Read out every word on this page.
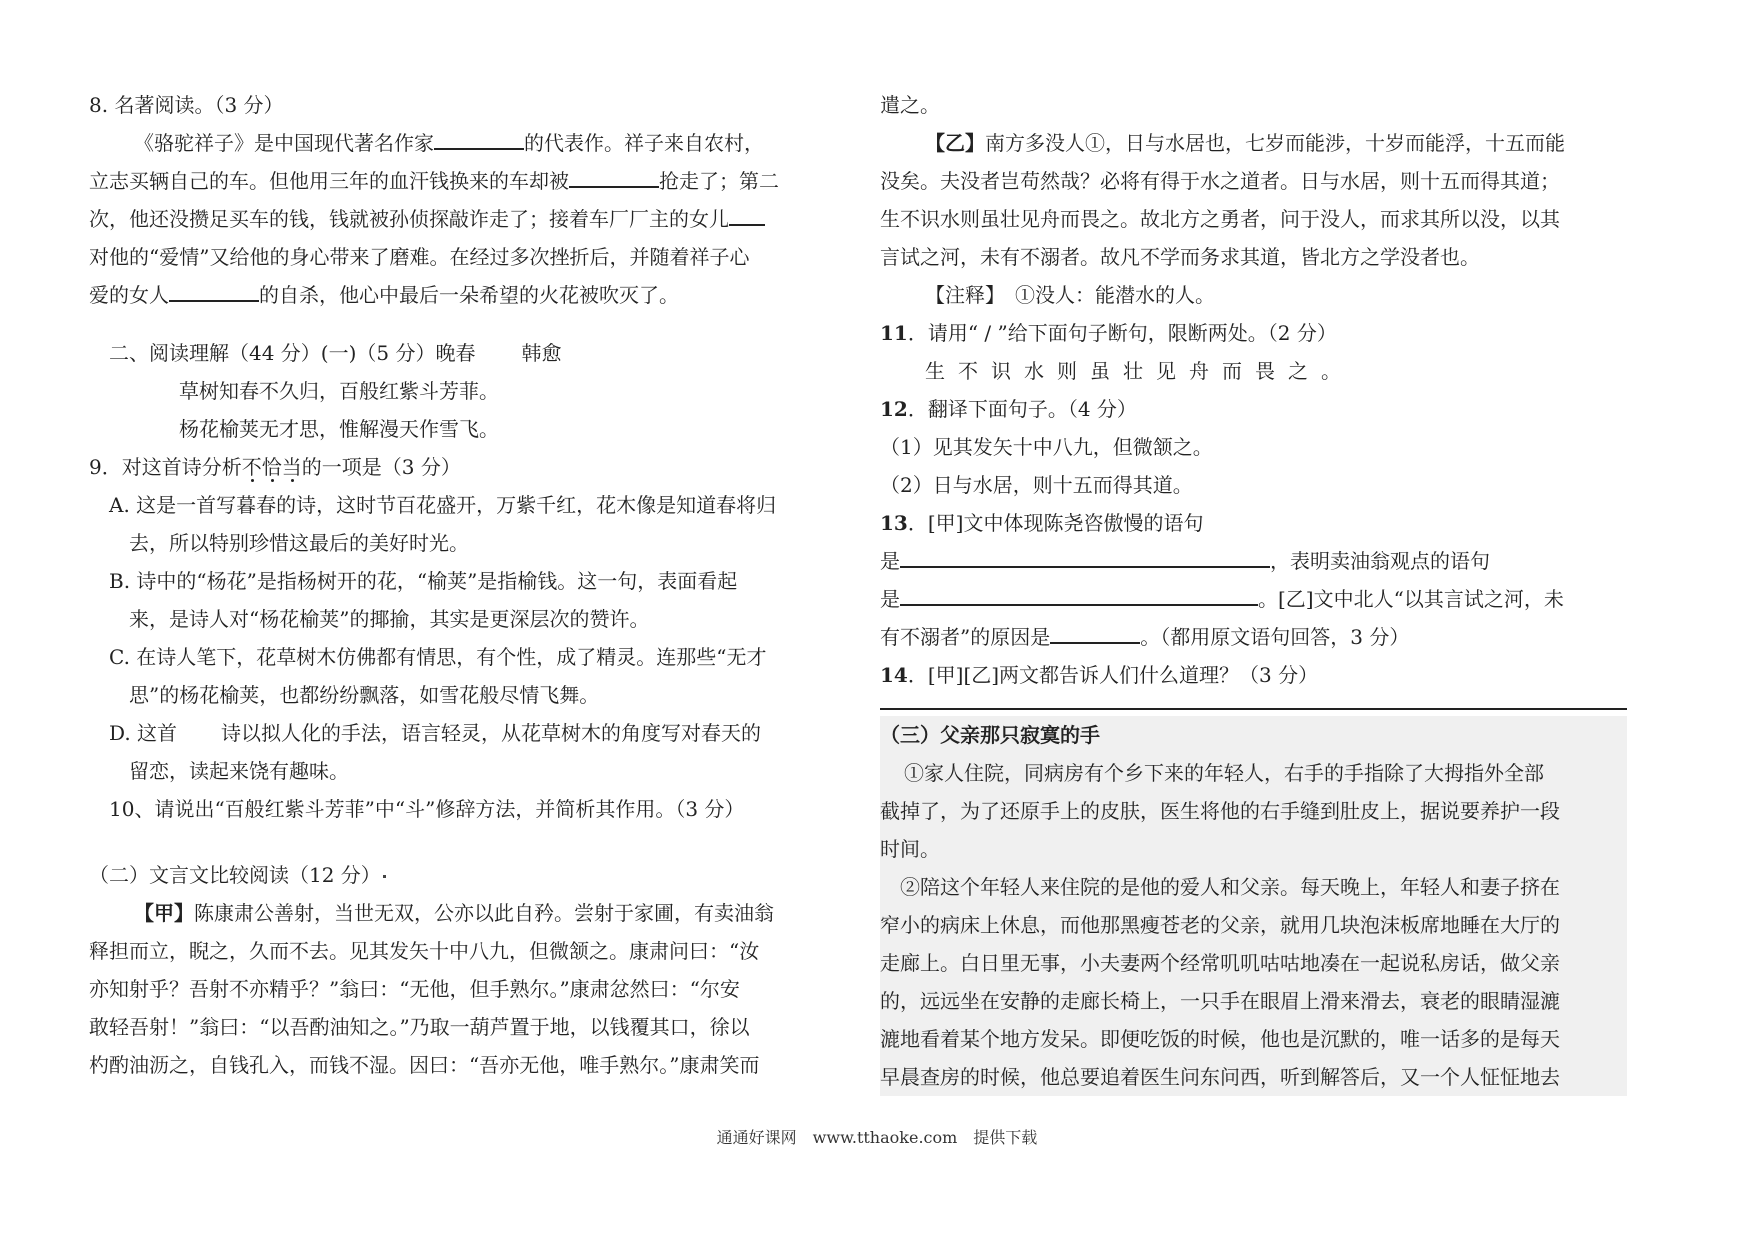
8. 名著阅读。（3 分）
《骆驼祥子》是中国现代著名作家	的代表作。祥子来自农村，
立志买辆自己的车。但他用三年的血汗钱换来的车却被	抢走了；第二
次，他还没攒足买车的钱，钱就被孙侦探敲诈走了；接着车厂厂主的女儿
对他的“爱情”又给他的身心带来了磨难。在经过多次挫折后，并随着祥子心
爱的女人	的自杀，他心中最后一朵希望的火花被吹灭了。
二、阅读理解（44 分）(一)（5 分）晚春 韩愈
草树知春不久归，百般红紫斗芳菲。
杨花榆荚无才思，惟解漫天作雪飞。
9．对这首诗分析不恰当的一项是（3 分）
A. 这是一首写暮春的诗，这时节百花盛开，万紫千红，花木像是知道春将归
去，所以特别珍惜这最后的美好时光。
B. 诗中的“杨花”是指杨树开的花，“榆荚”是指榆钱。这一句，表面看起
来，是诗人对“杨花榆荚”的揶揄，其实是更深层次的赞许。
C. 在诗人笔下，花草树木仿佛都有情思，有个性，成了精灵。连那些“无才
思”的杨花榆荚，也都纷纷飘落，如雪花般尽情飞舞。
D. 这首 诗以拟人化的手法，语言轻灵，从花草树木的角度写对春天的
留恋，读起来饶有趣味。
10、请说出“百般红紫斗芳菲”中“斗”修辞方法，并简析其作用。（3 分）
（二）文言文比较阅读（12 分）
【甲】陈康肃公善射，当世无双，公亦以此自矜。尝射于家圃，有卖油翁
释担而立，睨之，久而不去。见其发矢十中八九，但微颔之。康肃问曰：“汝
亦知射乎？吾射不亦精乎？”翁曰：“无他，但手熟尔。”康肃忿然曰：“尔安
敢轻吾射！”翁曰：“以吾酌油知之。”乃取一葫芦置于地，以钱覆其口，徐以
杓酌油沥之，自钱孔入，而钱不湿。因曰：“吾亦无他，唯手熟尔。”康肃笑而
遣之。
【乙】南方多没人①，日与水居也，七岁而能涉，十岁而能浮，十五而能
没矣。夫没者岂苟然哉？必将有得于水之道者。日与水居，则十五而得其道；
生不识水则虽壮见舟而畏之。故北方之勇者，问于没人，而求其所以没，以其
言试之河，未有不溺者。故凡不学而务求其道，皆北方之学没者也。
【注释】　①没人：能潜水的人。
11．请用“ / ”给下面句子断句，限断两处。（2 分）
生不识水则虽壮见舟而畏之。
12．翻译下面句子。（4 分）
（1）见其发矢十中八九，但微颔之。
（2）日与水居，则十五而得其道。
13．[甲]文中体现陈尧咨傲慢的语句
是	，表明卖油翁观点的语句
是	。[乙]文中北人“以其言试之河，未
有不溺者”的原因是	。（都用原文语句回答，3 分）
14．[甲][乙]两文都告诉人们什么道理？（3 分）
（三）父亲那只寂寞的手
①家人住院，同病房有个乡下来的年轻人，右手的手指除了大拇指外全部
截掉了，为了还原手上的皮肤，医生将他的右手缝到肚皮上，据说要养护一段
时间。
②陪这个年轻人来住院的是他的爱人和父亲。每天晚上，年轻人和妻子挤在
窄小的病床上休息，而他那黑瘦苍老的父亲，就用几块泡沫板席地睡在大厅的
走廊上。白日里无事，小夫妻两个经常叽叽咕咕地凑在一起说私房话，做父亲
的，远远坐在安静的走廊长椅上，一只手在眼眉上滑来滑去，衰老的眼睛湿漉
漉地看着某个地方发呆。即便吃饭的时候，他也是沉默的，唯一话多的是每天
早晨查房的时候，他总要追着医生问东问西，听到解答后，又一个人怔怔地去
通通好课网　www.tthaoke.com　提供下载
